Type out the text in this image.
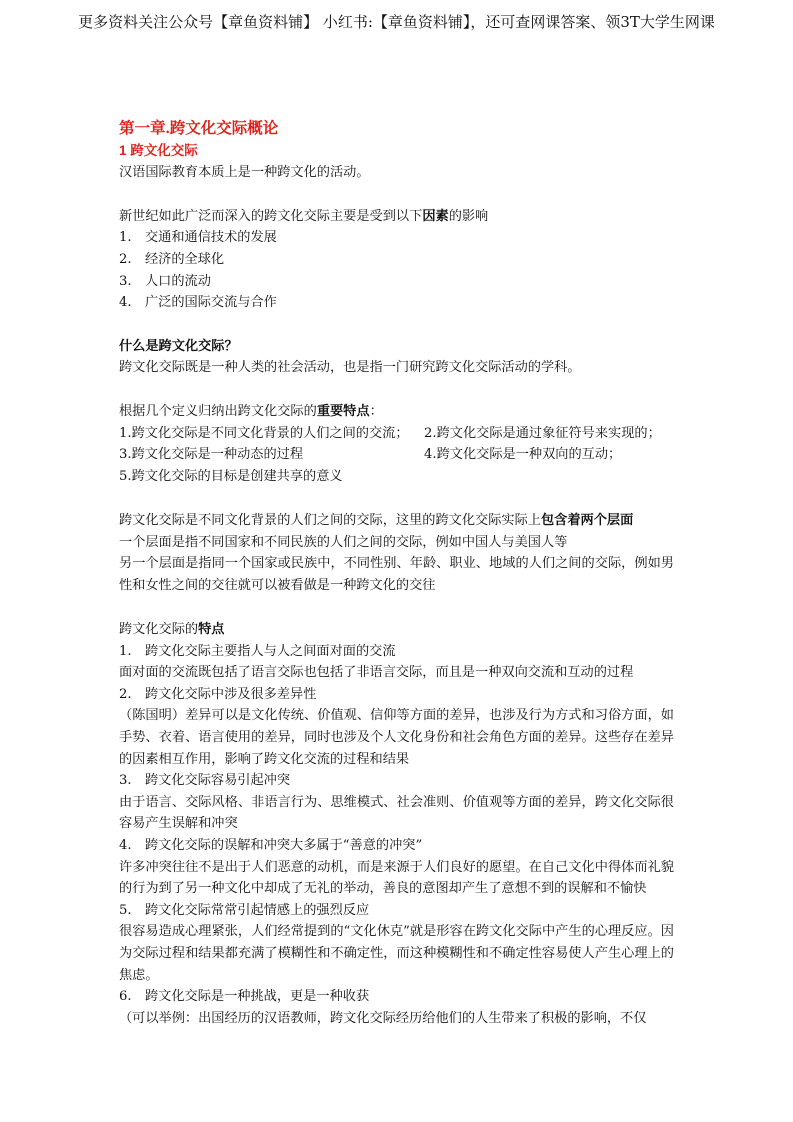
更多资料关注公众号【章鱼资料铺】 小红书:【章鱼资料铺】，还可查网课答案、领3T大学生网课
第一章.跨文化交际概论
1 跨文化交际
汉语国际教育本质上是一种跨文化的活动。
新世纪如此广泛而深入的跨文化交际主要是受到以下因素的影响
1.	交通和通信技术的发展
2.	经济的全球化
3.	人口的流动
4.	广泛的国际交流与合作
什么是跨文化交际？
跨文化交际既是一种人类的社会活动，也是指一门研究跨文化交际活动的学科。
根据几个定义归纳出跨文化交际的重要特点：
1.跨文化交际是不同文化背景的人们之间的交流；	2.跨文化交际是通过象征符号来实现的；
3.跨文化交际是一种动态的过程	4.跨文化交际是一种双向的互动；
5.跨文化交际的目标是创建共享的意义
跨文化交际是不同文化背景的人们之间的交际，这里的跨文化交际实际上包含着两个层面
一个层面是指不同国家和不同民族的人们之间的交际，例如中国人与美国人等
另一个层面是指同一个国家或民族中，不同性别、年龄、职业、地域的人们之间的交际，例如男性和女性之间的交往就可以被看做是一种跨文化的交往
跨文化交际的特点
1.	跨文化交际主要指人与人之间面对面的交流
面对面的交流既包括了语言交际也包括了非语言交际，而且是一种双向交流和互动的过程
2.	跨文化交际中涉及很多差异性
（陈国明）差异可以是文化传统、价值观、信仰等方面的差异，也涉及行为方式和习俗方面，如手势、衣着、语言使用的差异，同时也涉及个人文化身份和社会角色方面的差异。这些存在差异的因素相互作用，影响了跨文化交流的过程和结果
3.	跨文化交际容易引起冲突
由于语言、交际风格、非语言行为、思维模式、社会准则、价值观等方面的差异，跨文化交际很容易产生误解和冲突
4.	跨文化交际的误解和冲突大多属于“善意的冲突”
许多冲突往往不是出于人们恶意的动机，而是来源于人们良好的愿望。在自己文化中得体而礼貌的行为到了另一种文化中却成了无礼的举动，善良的意图却产生了意想不到的误解和不愉快
5.	跨文化交际常常引起情感上的强烈反应
很容易造成心理紧张，人们经常提到的“文化休克”就是形容在跨文化交际中产生的心理反应。因为交际过程和结果都充满了模糊性和不确定性，而这种模糊性和不确定性容易使人产生心理上的焦虑。
6.	跨文化交际是一种挑战，更是一种收获
（可以举例：出国经历的汉语教师，跨文化交际经历给他们的人生带来了积极的影响，不仅
